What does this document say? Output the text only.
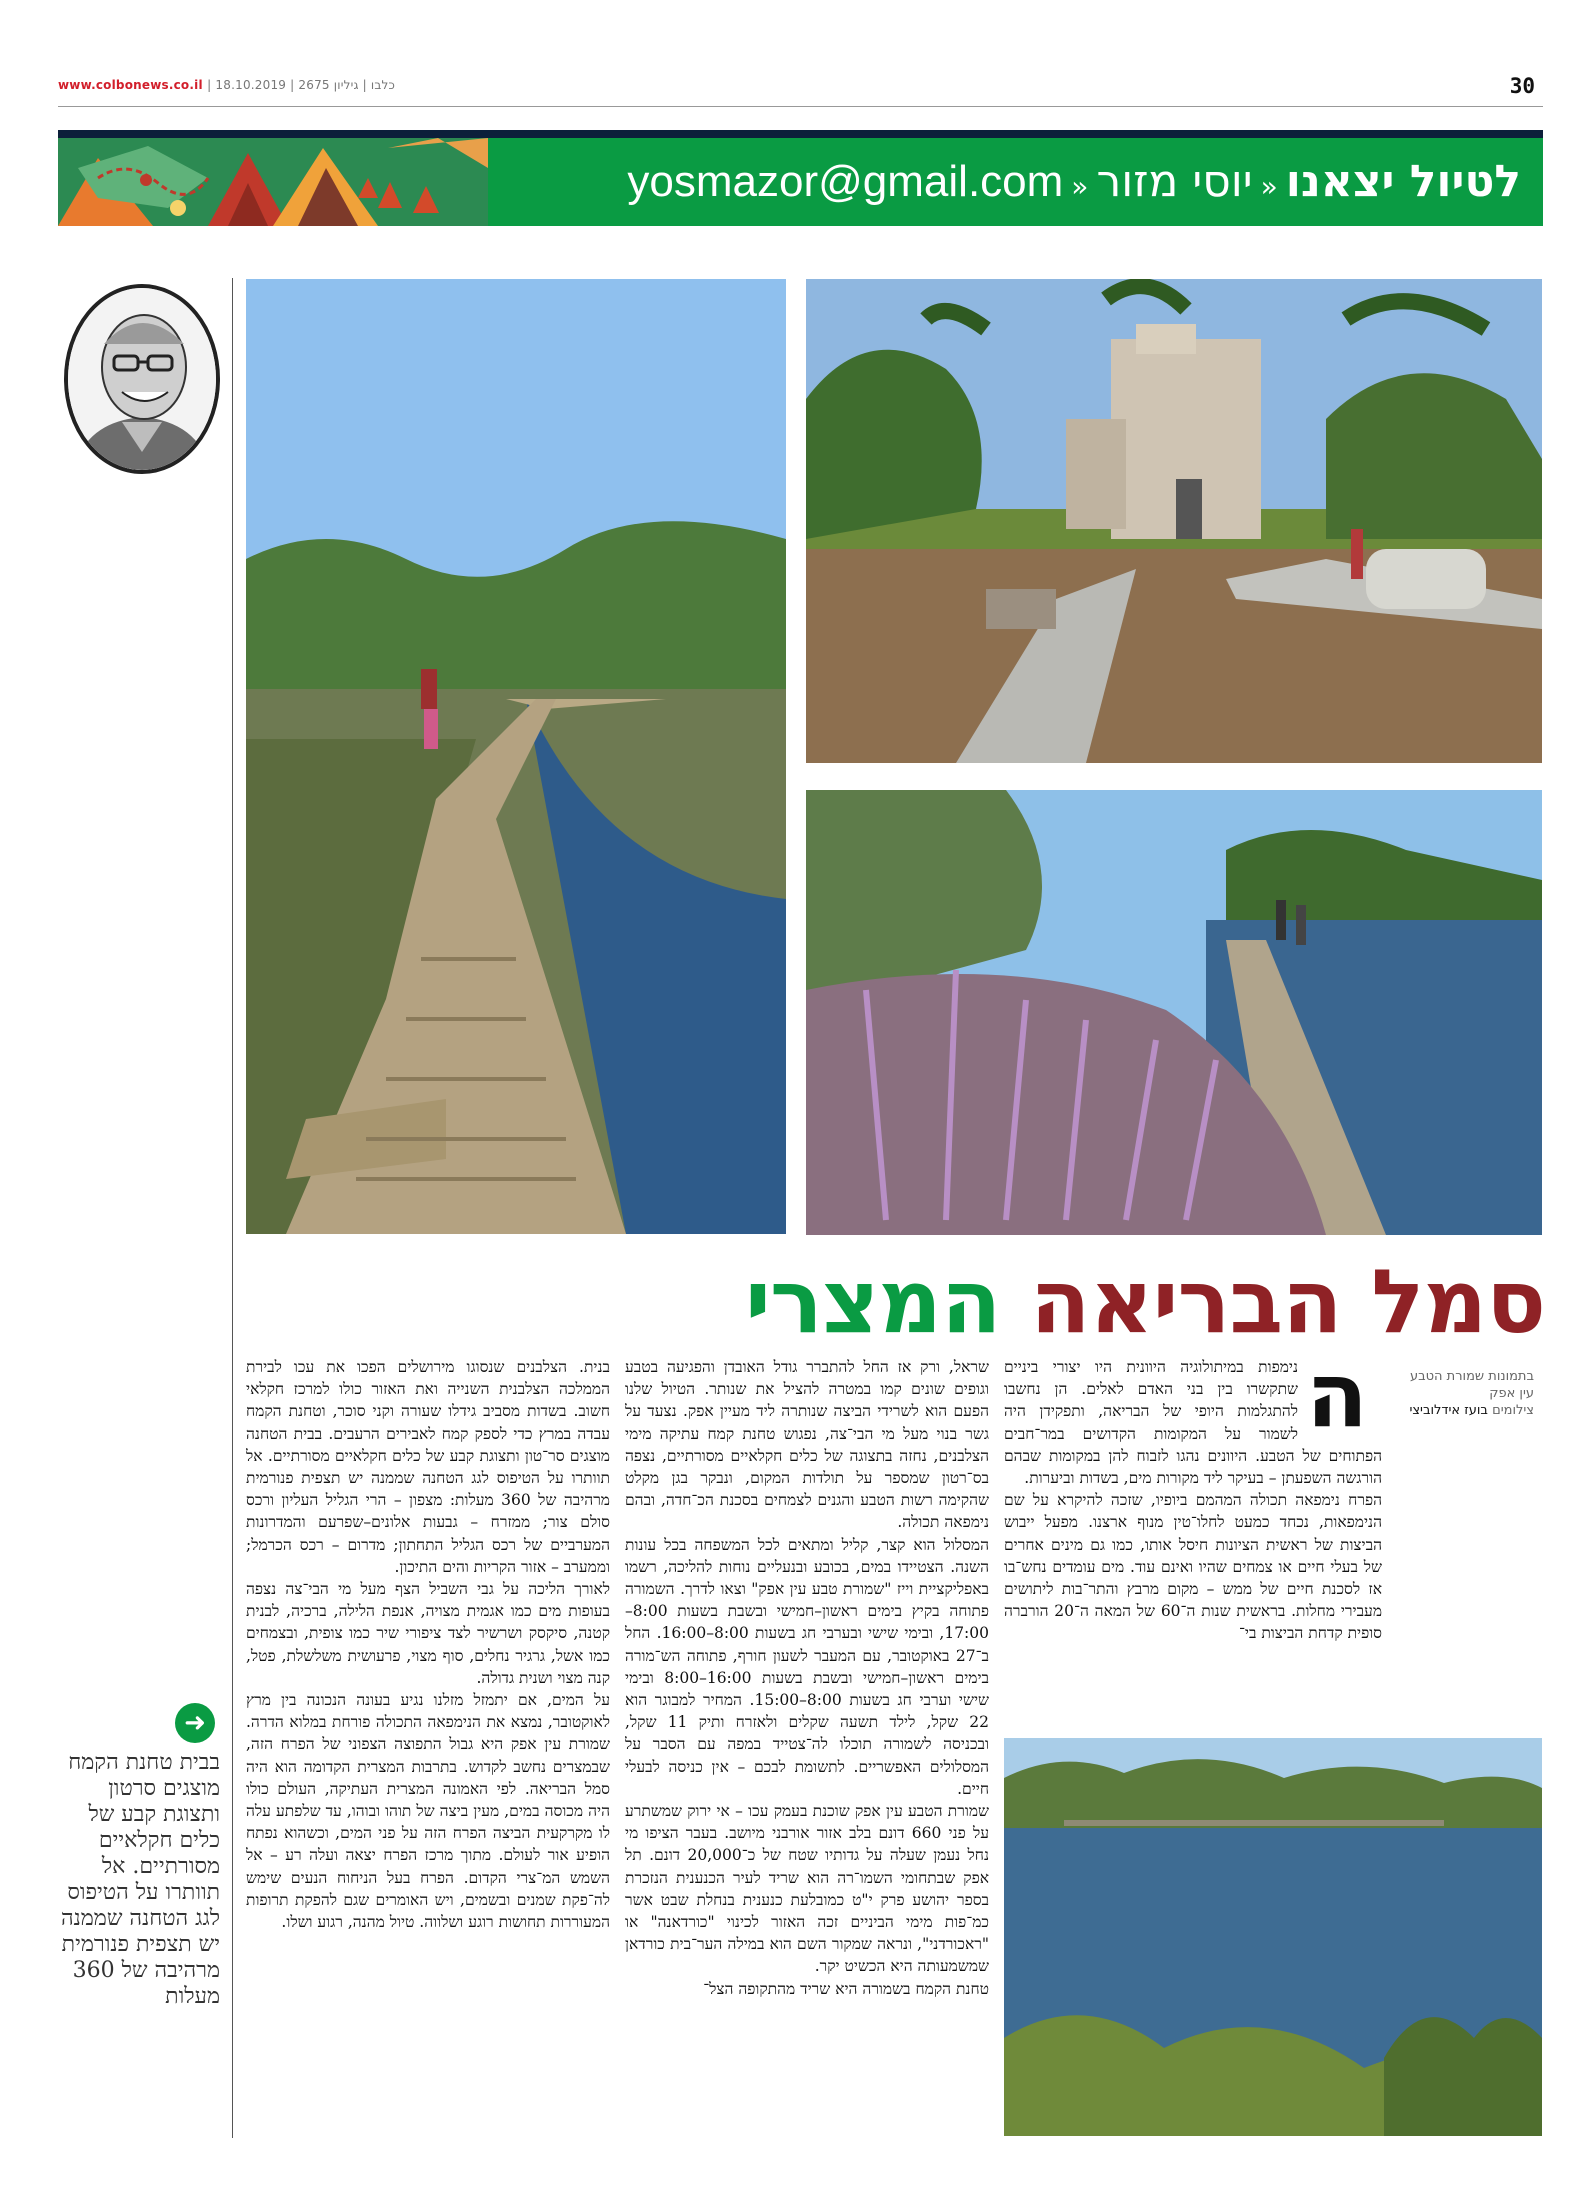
www.colbonews.co.il | כלבו | גיליון 2675 | 18.10.2019	30
לטיול יצאנו«יוסי מזור«yosmazor@gmail.com
סמל הבריאה המצרי
בתמונות שמורת הטבע עין אפק
צילומים בועז אידלוביצי
ה

נימפות במיתולוגיה היוונית היו יצורי ביניים שתקשרו בין בני האדם לאלים. הן נחשבו להתגלמות היופי של הבריאה, ותפקידן היה לשמור על המקומות הקדושים במר־חבים הפתוחים של הטבע. היוונים נהגו לזבוח להן במקומות שבהם הורגשה השפעתן – בעיקר ליד מקורות מים, בשדות וביערות.

הפרח נימפאה תכולה המהמם ביופיו, שזכה להיקרא על שם הנימפאות, נכחד כמעט לחלו־טין מנוף ארצנו. מפעל ייבוש הביצות של ראשית הציונות חיסל אותו, כמו גם מינים אחרים של בעלי חיים או צמחים שהיו ואינם עוד. מים עומדים נחש־בו אז לסכנת חיים של ממש – מקום מרבץ והתר־בות ליתושים מעבירי מחלות. בראשית שנות ה־60 של המאה ה־20 הורברה סופית קדחת הביצות בי־

שראל, ורק אז החל להתברר גודל האובדן והפגיעה בטבע וגופים שונים קמו במטרה להציל את שנותר. הטיול שלנו הפעם הוא לשרידי הביצה שנותרה ליד מעיין אפק. נצעד על גשר בנוי מעל מי הבי־צה, נפגוש טחנת קמח עתיקה מימי הצלבנים, נחזה בתצוגה של כלים חקלאיים מסורתיים, נצפה בס־רטון שמספר על תולדות המקום, ונבקר בגן מקלט שהקימה רשות הטבע והגנים לצמחים בסכנת הכ־חדה, ובהם נימפאה תכולה.

המסלול הוא קצר, קליל ומתאים לכל המשפחה בכל עונות השנה. הצטיידו במים, בכובע ובנעליים נוחות להליכה, רשמו באפליקציית וייז "שמורת טבע עין אפק" וצאו לדרך. השמורה פתוחה בקיץ בימים ראשון–חמישי ובשבת בשעות 8:00–17:00, ובימי שישי ובערבי חג בשעות 8:00–16:00. החל ב־27 באוקטובר, עם המעבר לשעון חורף, פתוחה הש־מורה בימים ראשון–חמישי ובשבת בשעות 16:00–8:00 ובימי שישי וערבי חג בשעות 8:00–15:00. המחיר למבוגר הוא 22 שקל, לילד תשעה שקלים ולאזרח ותיק 11 שקל, ובכניסה לשמורה תוכלו לה־צטייד במפה עם הסבר על המסלולים האפשריים. לתשומת לבכם – אין כניסה לבעלי חיים.

שמורת הטבע עין אפק שוכנת בעמק עכו – אי ירוק שמשתרע על פני 660 דונם בלב אזור אורבני מיושב. בעבר הציפו מי נחל נעמן שעלה על גדותיו שטח של כ־20,000 דונם. תל אפק שבתחומי השמו־רה הוא שריד לעיר הכנענית הנזכרת בספר יהושע פרק י"ט כמובלעת כנענית בנחלת שבט אשר כמ־פות מימי הביניים זכה האזור לכינוי "כורדאנה" או "ראכורדני", ונראה שמקור השם הוא במילה הער־בית כורדאן שמשמעותה היא הכשיט יקר.

טחנת הקמח בשמורה היא שריד מהתקופה הצל־

בנית. הצלבנים שנסוגו מירושלים הפכו את עכו לבירת הממלכה הצלבנית השנייה ואת האזור כולו למרכז חקלאי חשוב. בשדות מסביב גידלו שעורה וקני סוכר, וטחנת הקמח עבדה במרץ כדי לספק קמח לאבירים הרעבים. בבית הטחנה מוצגים סר־טון ותצוגת קבע של כלים חקלאיים מסורתיים. אל תוותרו על הטיפוס לגג הטחנה שממנה יש תצפית פנורמית מרהיבה של 360 מעלות: מצפון – הרי הגליל העליון ורכס סולם צור; ממזרח – גבעות אלונים–שפרעם והמדרונות המערביים של רכס הגליל התחתון; מדרום – רכס הכרמל; וממערב – אזור הקריות והים התיכון.

לאורך הליכה על גבי השביל הצף מעל מי הבי־צה נצפה בעופות מים כמו אגמית מצויה, אנפת הלילה, ברכיה, לבנית קטנה, סיקסק ושרשיר לצד ציפורי שיר כמו צופית, ובצמחים כמו אשל, גרגיר נחלים, סוף מצוי, פרעושית משלשלת, פטל, קנה מצוי ושנית גדולה.

על המים, אם יתמזל מזלנו נגיע בעונה הנכונה בין מרץ לאוקטובר, נמצא את הנימפאה התכולה פורחת במלוא הדרה. שמורת עין אפק היא גבול התפוצה הצפוני של הפרח הזה, שבמצרים נחשב לקדוש. בתרבות המצרית הקדומה הוא היה סמל הבריאה. לפי האמונה המצרית העתיקה, העולם כולו היה מכוסה במים, מעין ביצה של תוהו ובוהו, עד שלפתע עלה לו מקרקעית הביצה הפרח הזה על פני המים, וכשהוא נפתח הופיע אור לעולם. מתוך מרכז הפרח יצאה ועלה רע – אל השמש המ־צרי הקדום. הפרח בעל הניחוח הנעים שימש לה־פקת שמנים ובשמים, ויש האומרים שגם להפקת תרופות המעוררות תחושות רוגע ושלווה. טיול מהנה, רגוע ושלו.

➜
בבית טחנת הקמח מוצגים סרטון ותצוגת קבע של כלים חקלאיים מסורתיים. אל תוותרו על הטיפוס לגג הטחנה שממנה יש תצפית פנורמית מרהיבה של 360 מעלות
